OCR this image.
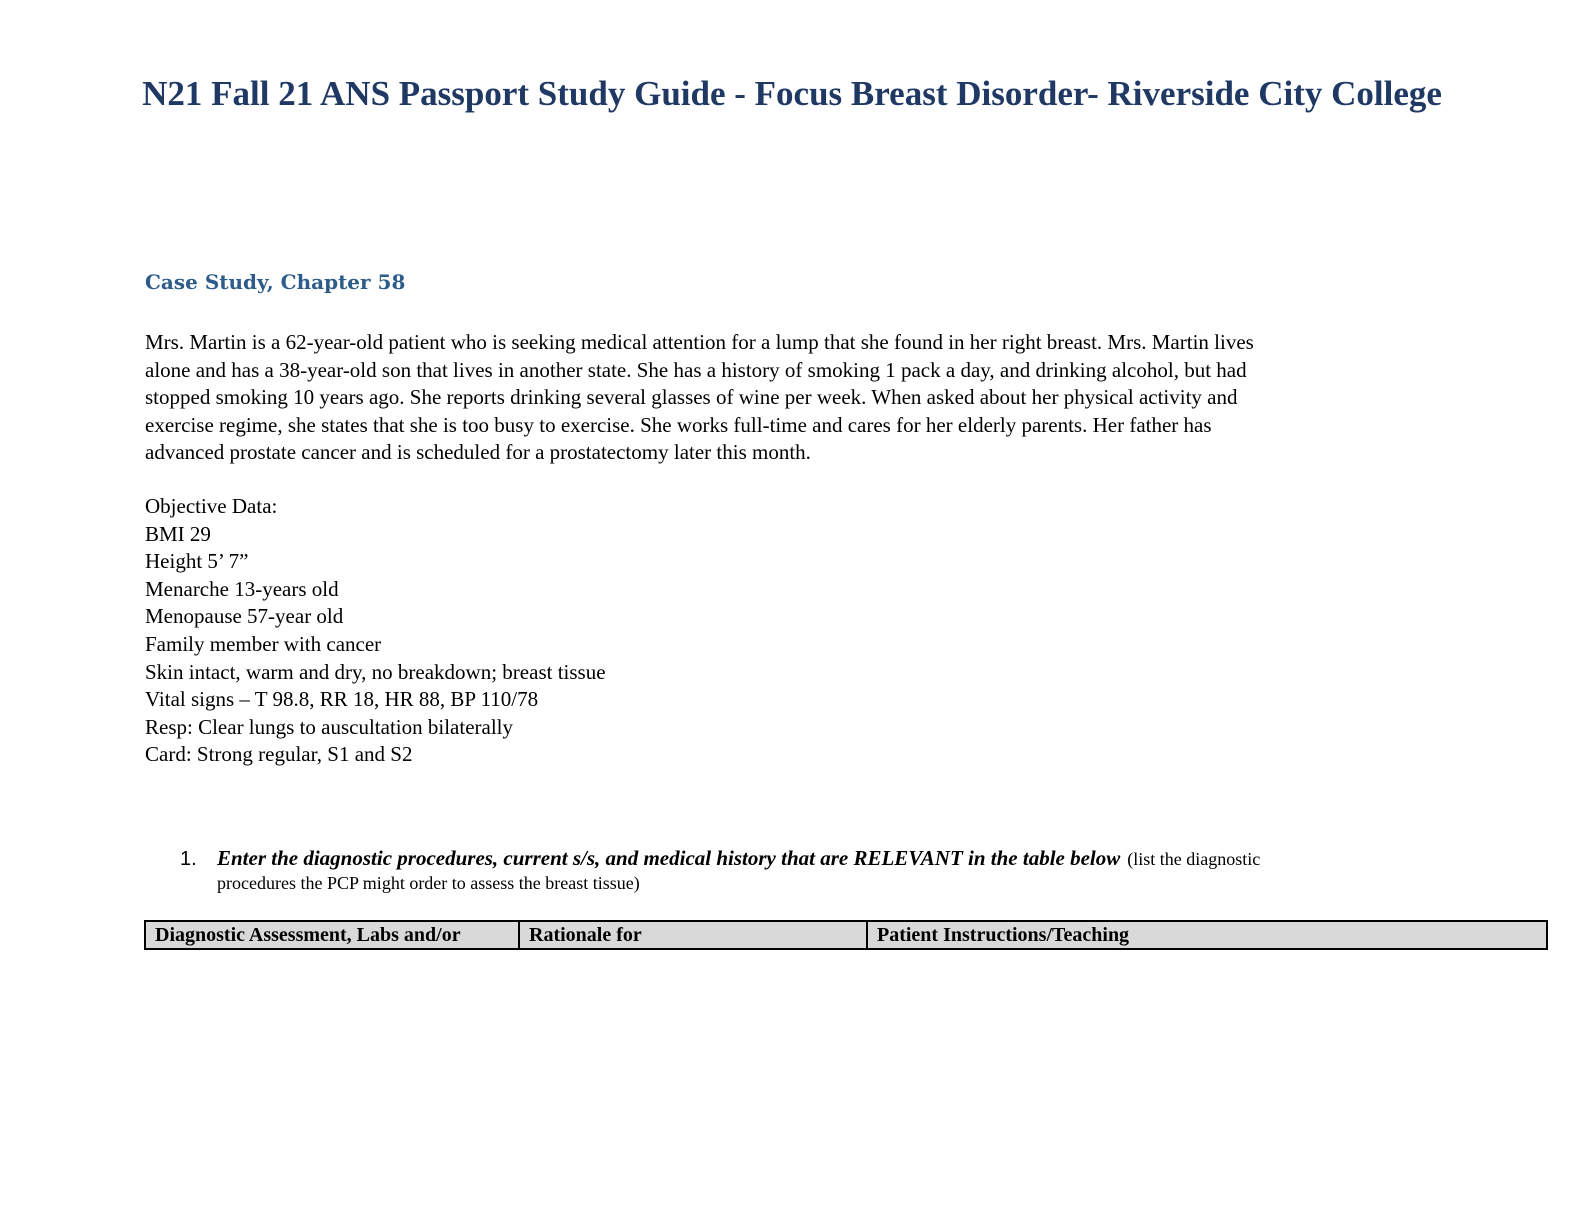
N21 Fall 21 ANS Passport Study Guide - Focus Breast Disorder- Riverside City College
Case Study, Chapter 58
Mrs. Martin is a 62-year-old patient who is seeking medical attention for a lump that she found in her right breast. Mrs. Martin lives
alone and has a 38-year-old son that lives in another state. She has a history of smoking 1 pack a day, and drinking alcohol, but had
stopped smoking 10 years ago. She reports drinking several glasses of wine per week. When asked about her physical activity and
exercise regime, she states that she is too busy to exercise. She works full-time and cares for her elderly parents. Her father has
advanced prostate cancer and is scheduled for a prostatectomy later this month.
Objective Data:
BMI 29
Height 5’ 7”
Menarche 13-years old
Menopause 57-year old
Family member with cancer
Skin intact, warm and dry, no breakdown; breast tissue
Vital signs – T 98.8, RR 18, HR 88, BP 110/78
Resp: Clear lungs to auscultation bilaterally
Card: Strong regular, S1 and S2
1. Enter the diagnostic procedures, current s/s, and medical history that are RELEVANT in the table below (list the diagnostic
procedures the PCP might order to assess the breast tissue)
Diagnostic Assessment, Labs and/or	Rationale for	Patient Instructions/Teaching
